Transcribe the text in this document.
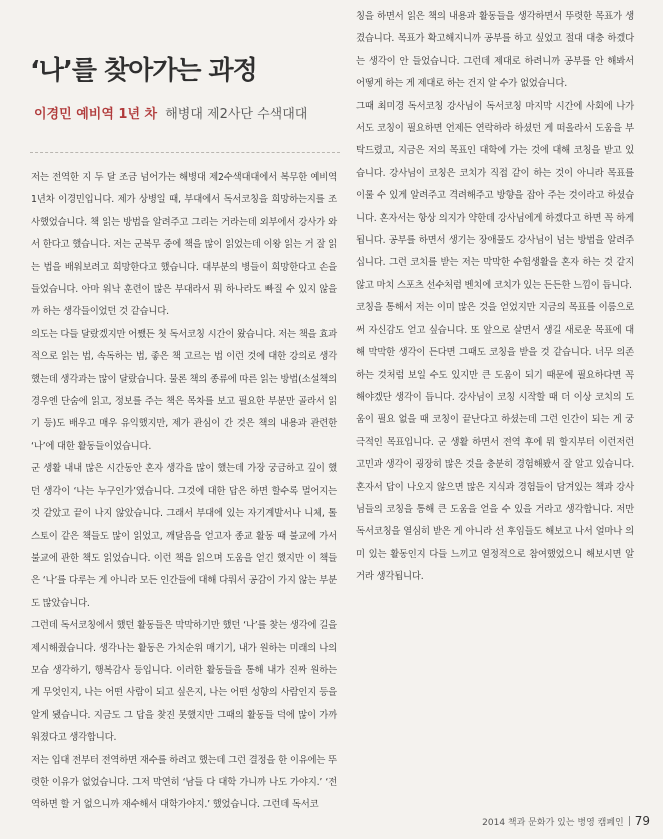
‘나’를 찾아가는 과정
이경민 예비역 1년 차 해병대 제2사단 수색대대

저는 전역한 지 두 달 조금 넘어가는 해병대 제2수색대대에서 복무한 예비역 1년차 이경민입니다. 제가 상병일 때, 부대에서 독서코칭을 희망하는지를 조사했었습니다. 책 읽는 방법을 알려주고 그리는 거라는데 외부에서 강사가 와서 한다고 했습니다. 저는 군복무 중에 책을 많이 읽었는데 이왕 읽는 거 잘 읽는 법을 배워보려고 희망한다고 했습니다. 대부분의 병들이 희망한다고 손을 들었습니다. 아마 워낙 훈련이 많은 부대라서 뭐 하나라도 빠질 수 있지 않을까 하는 생각들이었던 것 같습니다.

의도는 다들 달랐겠지만 어쨌든 첫 독서코칭 시간이 왔습니다. 저는 책을 효과적으로 읽는 법, 속독하는 법, 좋은 책 고르는 법 이런 것에 대한 강의로 생각했는데 생각과는 많이 달랐습니다. 물론 책의 종류에 따른 읽는 방법(소설책의 경우엔 단숨에 읽고, 정보를 주는 책은 목차를 보고 필요한 부분만 골라서 읽기 등)도 배우고 매우 유익했지만, 제가 관심이 간 것은 책의 내용과 관련한 ‘나’에 대한 활동들이었습니다.

군 생활 내내 많은 시간동안 혼자 생각을 많이 했는데 가장 궁금하고 깊이 했던 생각이 ‘나는 누구인가’였습니다. 그것에 대한 답은 하면 할수록 멀어지는 것 같았고 끝이 나지 않았습니다. 그래서 부대에 있는 자기계발서나 니체, 톨스토이 같은 책들도 많이 읽었고, 깨달음을 얻고자 종교 활동 때 불교에 가서 불교에 관한 책도 읽었습니다. 이런 책을 읽으며 도움을 얻긴 했지만 이 책들은 ‘나’를 다루는 게 아니라 모든 인간들에 대해 다뤄서 공감이 가지 않는 부분도 많았습니다.

그런데 독서코칭에서 했던 활동들은 막막하기만 했던 ‘나’를 찾는 생각에 길을 제시해줬습니다. 생각나는 활동은 가치순위 매기기, 내가 원하는 미래의 나의 모습 생각하기, 행복감사 등입니다. 이러한 활동들을 통해 내가 진짜 원하는 게 무엇인지, 나는 어떤 사람이 되고 싶은지, 나는 어떤 성향의 사람인지 등을 알게 됐습니다. 지금도 그 답을 찾진 못했지만 그때의 활동들 덕에 많이 가까워졌다고 생각합니다.

저는 입대 전부터 전역하면 재수를 하려고 했는데 그런 결정을 한 이유에는 뚜렷한 이유가 없었습니다. 그저 막연히 ‘남들 다 대학 가니까 나도 가야지.’ ‘전역하면 할 거 없으니까 재수해서 대학가야지.’ 했었습니다. 그런데 독서코

칭을 하면서 읽은 책의 내용과 활동들을 생각하면서 뚜렷한 목표가 생겼습니다. 목표가 확고해지니까 공부를 하고 싶었고 절대 대충 하겠다는 생각이 안 들었습니다. 그런데 제대로 하려니까 공부를 안 해봐서 어떻게 하는 게 제대로 하는 건지 알 수가 없었습니다.

그때 최미경 독서코칭 강사님이 독서코칭 마지막 시간에 사회에 나가서도 코칭이 필요하면 언제든 연락하라 하셨던 게 떠올라서 도움을 부탁드렸고, 지금은 저의 목표인 대학에 가는 것에 대해 코칭을 받고 있습니다. 강사님이 코칭은 코치가 직접 같이 하는 것이 아니라 목표를 이룰 수 있게 알려주고 격려해주고 방향을 잡아 주는 것이라고 하셨습니다. 혼자서는 항상 의지가 약한데 강사님에게 하겠다고 하면 꼭 하게 됩니다. 공부를 하면서 생기는 장애물도 강사님이 넘는 방법을 알려주십니다. 그런 코치를 받는 저는 막막한 수험생활을 혼자 하는 것 같지 않고 마치 스포츠 선수처럼 벤치에 코치가 있는 든든한 느낌이 듭니다.

코칭을 통해서 저는 이미 많은 것을 얻었지만 지금의 목표를 이룸으로써 자신감도 얻고 싶습니다. 또 앞으로 살면서 생길 새로운 목표에 대해 막막한 생각이 든다면 그때도 코칭을 받을 것 같습니다. 너무 의존하는 것처럼 보일 수도 있지만 큰 도움이 되기 때문에 필요하다면 꼭 해야겠단 생각이 듭니다. 강사님이 코칭 시작할 때 더 이상 코치의 도움이 필요 없을 때 코칭이 끝난다고 하셨는데 그런 인간이 되는 게 궁극적인 목표입니다. 군 생활 하면서 전역 후에 뭐 할지부터 이런저런 고민과 생각이 굉장히 많은 것을 충분히 경험해봤서 잘 알고 있습니다. 혼자서 답이 나오지 않으면 많은 지식과 경험들이 담겨있는 책과 강사님들의 코칭을 통해 큰 도움을 얻을 수 있을 거라고 생각합니다. 저만 독서코칭을 열심히 받은 게 아니라 선 후임들도 해보고 나서 얼마나 의미 있는 활동인지 다들 느끼고 열정적으로 참여했었으니 해보시면 알 거라 생각됩니다.

2014 책과 문화가 있는 병영 캠페인 79
